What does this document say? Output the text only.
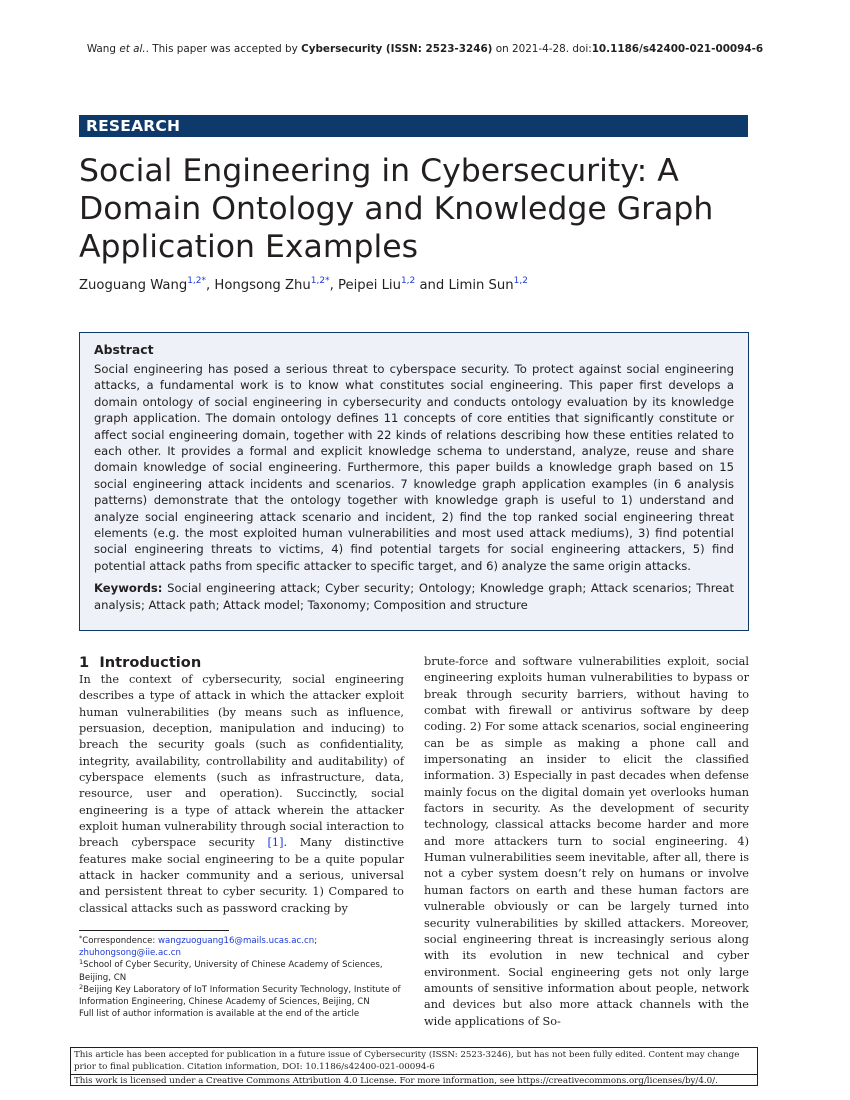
Wang et al.. This paper was accepted by Cybersecurity (ISSN: 2523-3246) on 2021-4-28. doi:10.1186/s42400-021-00094-6
RESEARCH
Social Engineering in Cybersecurity: A Domain Ontology and Knowledge Graph Application Examples
Zuoguang Wang$^{1,2*}$, Hongsong Zhu$^{1,2*}$, Peipei Liu$^{1,2}$ and Limin Sun$^{1,2}$

Abstract

Social engineering has posed a serious threat to cyberspace security. To protect against social engineering attacks, a fundamental work is to know what constitutes social engineering. This paper first develops a domain ontology of social engineering in cybersecurity and conducts ontology evaluation by its knowledge graph application. The domain ontology defines 11 concepts of core entities that significantly constitute or affect social engineering domain, together with 22 kinds of relations describing how these entities related to each other. It provides a formal and explicit knowledge schema to understand, analyze, reuse and share domain knowledge of social engineering. Furthermore, this paper builds a knowledge graph based on 15 social engineering attack incidents and scenarios. 7 knowledge graph application examples (in 6 analysis patterns) demonstrate that the ontology together with knowledge graph is useful to 1) understand and analyze social engineering attack scenario and incident, 2) find the top ranked social engineering threat elements (e.g. the most exploited human vulnerabilities and most used attack mediums), 3) find potential social engineering threats to victims, 4) find potential targets for social engineering attackers, 5) find potential attack paths from specific attacker to specific target, and 6) analyze the same origin attacks.

Keywords: Social engineering attack; Cyber security; Ontology; Knowledge graph; Attack scenarios; Threat analysis; Attack path; Attack model; Taxonomy; Composition and structure

1 Introduction

In the context of cybersecurity, social engineering describes a type of attack in which the attacker exploit human vulnerabilities (by means such as influence, persuasion, deception, manipulation and inducing) to breach the security goals (such as confidentiality, integrity, availability, controllability and auditability) of cyberspace elements (such as infrastructure, data, resource, user and operation). Succinctly, social engineering is a type of attack wherein the attacker exploit human vulnerability through social interaction to breach cyberspace security [1]. Many distinctive features make social engineering to be a quite popular attack in hacker community and a serious, universal and persistent threat to cyber security. 1) Compared to classical attacks such as password cracking by

brute-force and software vulnerabilities exploit, social engineering exploits human vulnerabilities to bypass or break through security barriers, without having to combat with firewall or antivirus software by deep coding. 2) For some attack scenarios, social engineering can be as simple as making a phone call and impersonating an insider to elicit the classified information. 3) Especially in past decades when defense mainly focus on the digital domain yet overlooks human factors in security. As the development of security technology, classical attacks become harder and more and more attackers turn to social engineering. 4) Human vulnerabilities seem inevitable, after all, there is not a cyber system doesn’t rely on humans or involve human factors on earth and these human factors are vulnerable obviously or can be largely turned into security vulnerabilities by skilled attackers. Moreover, social engineering threat is increasingly serious along with its evolution in new technical and cyber environment. Social engineering gets not only large amounts of sensitive information about people, network and devices but also more attack channels with the wide applications of So-

*Correspondence: wangzuoguang16@mails.ucas.ac.cn;
zhuhongsong@iie.ac.cn

$^1$School of Cyber Security, University of Chinese Academy of Sciences, Beijing, CN

$^2$Beijing Key Laboratory of IoT Information Security Technology, Institute of Information Engineering, Chinese Academy of Sciences, Beijing, CN

Full list of author information is available at the end of the article

This article has been accepted for publication in a future issue of Cybersecurity (ISSN: 2523-3246), but has not been fully edited. Content may change prior to final publication. Citation information, DOI: 10.1186/s42400-021-00094-6

This work is licensed under a Creative Commons Attribution 4.0 License. For more information, see https://creativecommons.org/licenses/by/4.0/.
